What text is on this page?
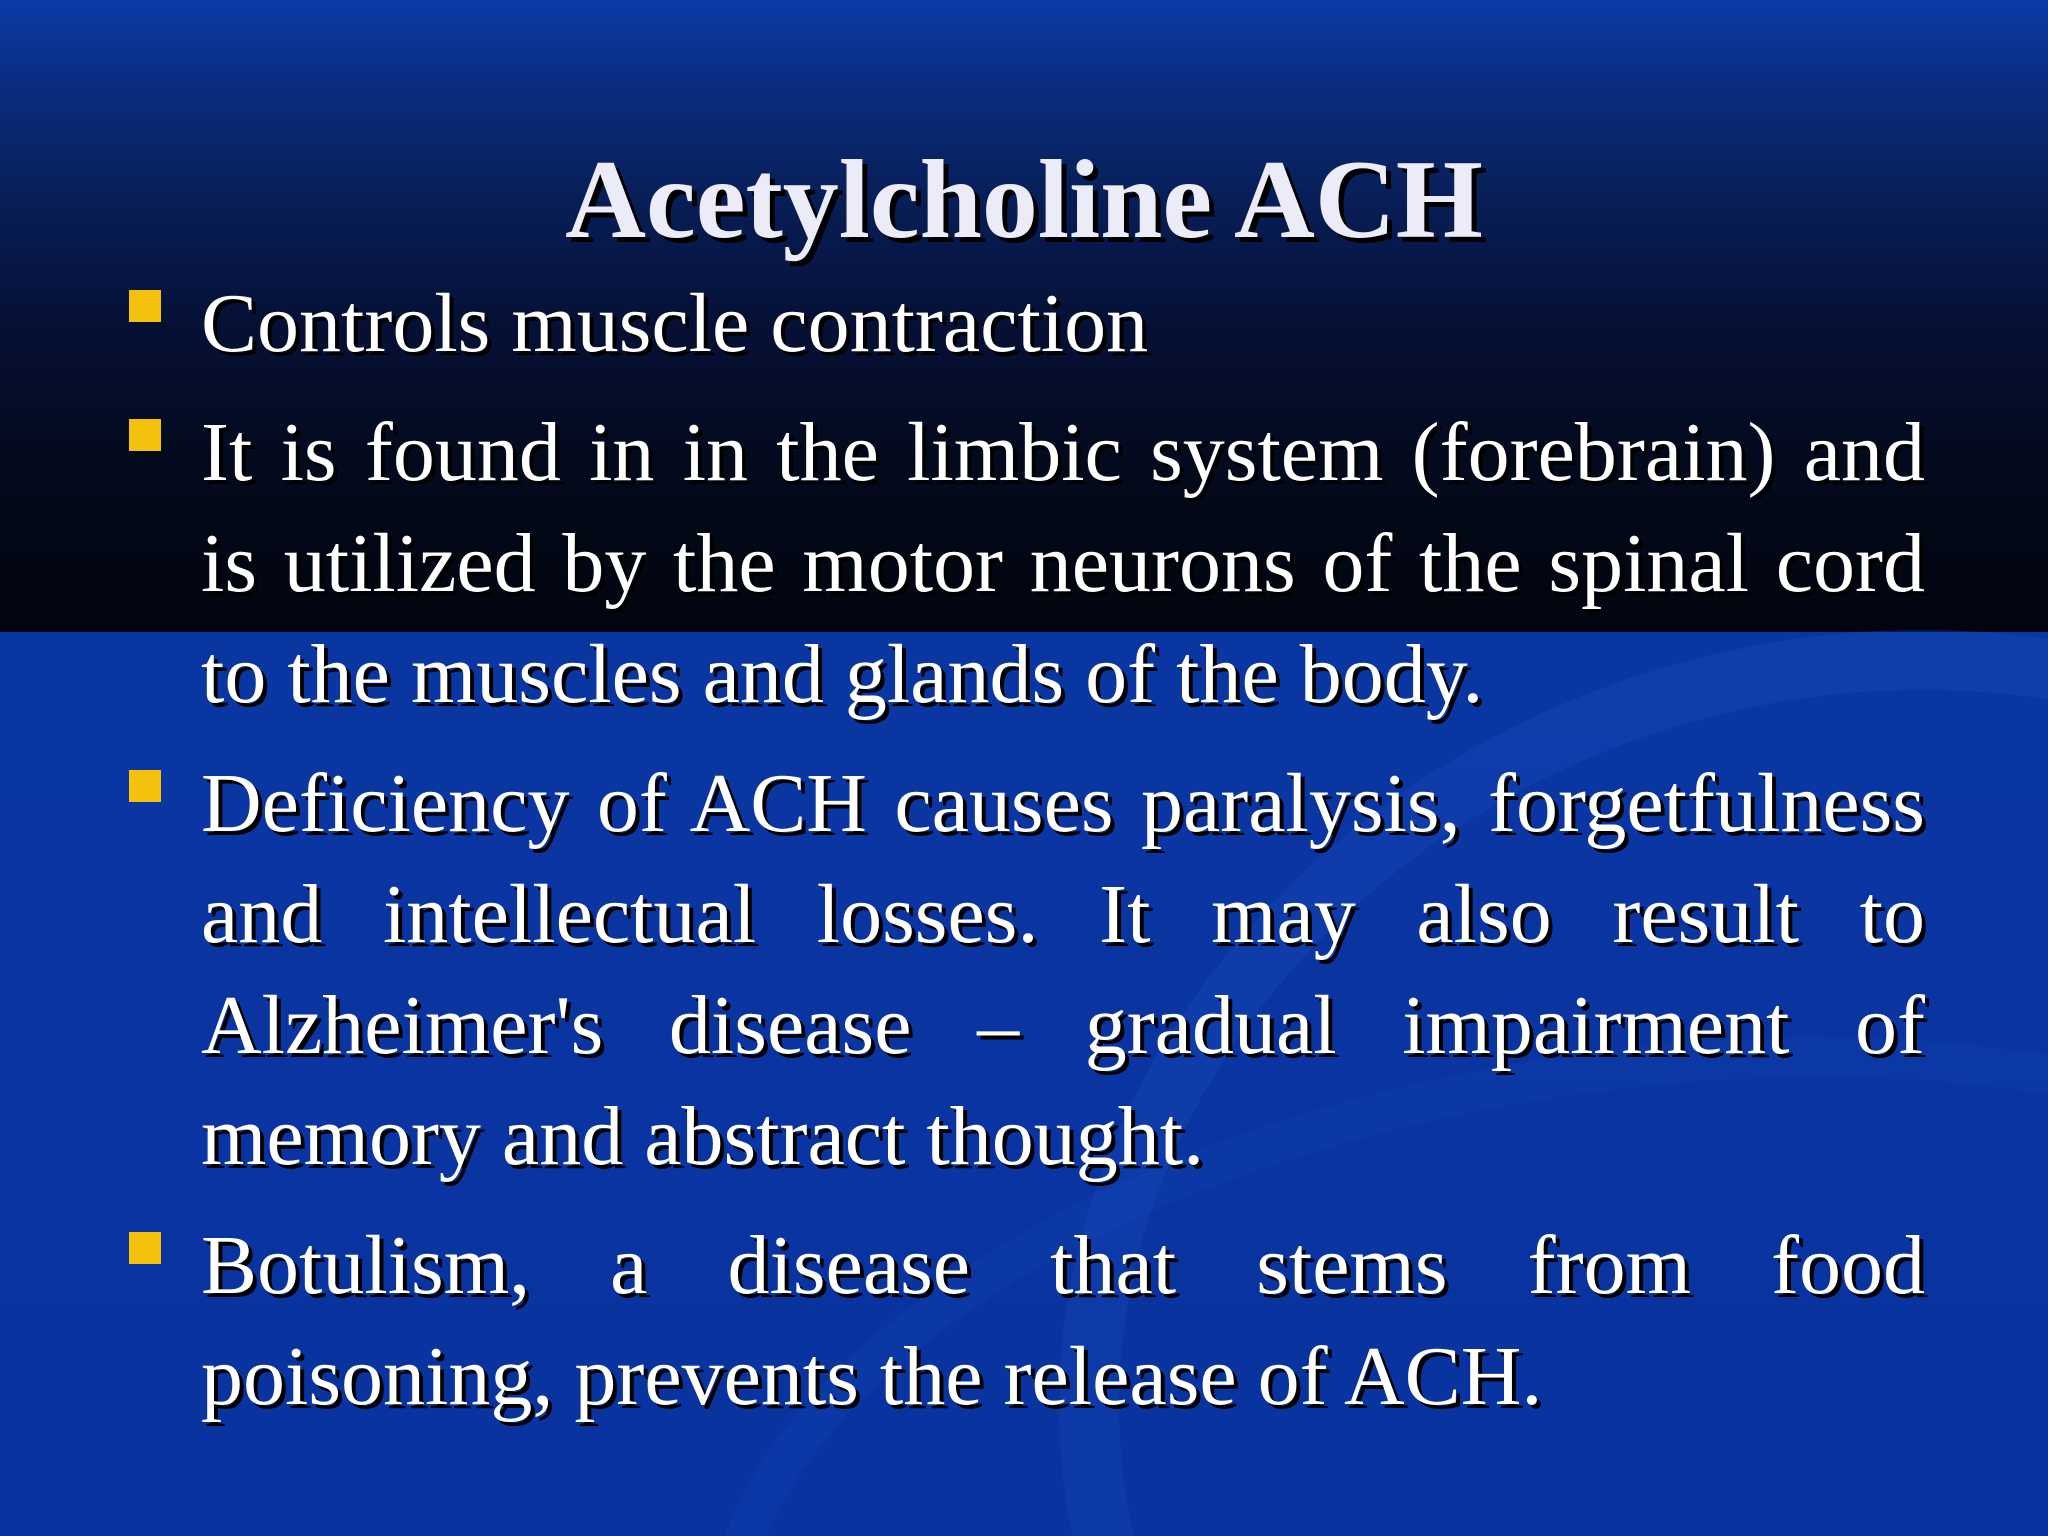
Acetylcholine ACH
Controls muscle contraction
It is found in in the limbic system (forebrain) and is utilized by the motor neurons of the spinal cord to the muscles and glands of the body.
Deficiency of ACH causes paralysis, forgetfulness and intellectual losses. It may also result to Alzheimer's disease – gradual impairment of memory and abstract thought.
Botulism, a disease that stems from food poisoning, prevents the release of ACH.
